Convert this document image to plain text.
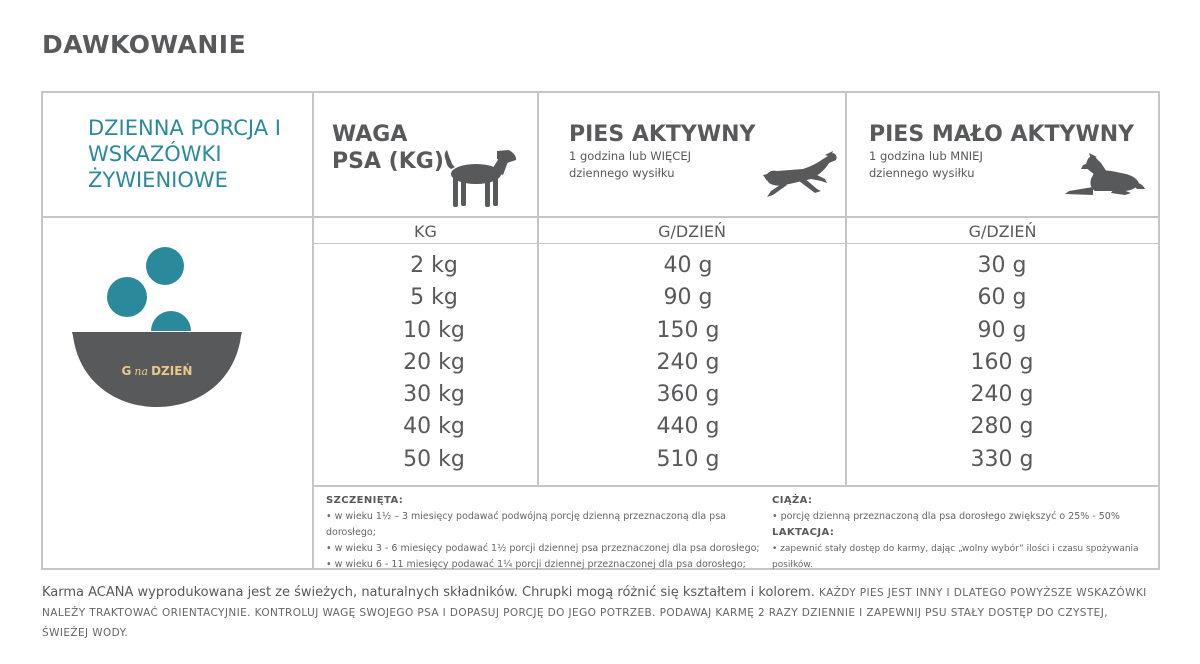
DAWKOWANIE
DZIENNA PORCJA I WSKAZÓWKI ŻYWIENIOWE
G na DZIEŃ
WAGA
PSA (KG)
PIES AKTYWNY
1 godzina lub WIĘCEJ
dziennego wysiłku
PIES MAŁO AKTYWNY
1 godzina lub MNIEJ
dziennego wysiłku
KG	G/DZIEŃ	G/DZIEŃ
2 kg
5 kg
10 kg
20 kg
30 kg
40 kg
50 kg
40 g
90 g
150 g
240 g
360 g
440 g
510 g
30 g
60 g
90 g
160 g
240 g
280 g
330 g
SZCZENIĘTA:
• w wieku 1½ – 3 miesięcy podawać podwójną porcję dzienną przeznaczoną dla psa dorosłego;
• w wieku 3 - 6 miesięcy podawać 1½ porcji dziennej psa przeznaczonej dla psa dorosłego;
• w wieku 6 - 11 miesięcy podawać 1¼ porcji dziennej przeznaczonej dla psa dorosłego;
CIĄŻA:
• porcję dzienną przeznaczoną dla psa dorosłego zwiększyć o 25% - 50%
LAKTACJA:
• zapewnić stały dostęp do karmy, dając „wolny wybór” ilości i czasu spożywania posiłków.
Karma ACANA wyprodukowana jest ze świeżych, naturalnych składników. Chrupki mogą różnić się kształtem i kolorem. KAŻDY PIES JEST INNY I DLATEGO POWYŻSZE WSKAZÓWKI NALEŻY TRAKTOWAĆ ORIENTACYJNIE. KONTROLUJ WAGĘ SWOJEGO PSA I DOPASUJ PORCJĘ DO JEGO POTRZEB. PODAWAJ KARMĘ 2 RAZY DZIENNIE I ZAPEWNIJ PSU STAŁY DOSTĘP DO CZYSTEJ, ŚWIEŻEJ WODY.
